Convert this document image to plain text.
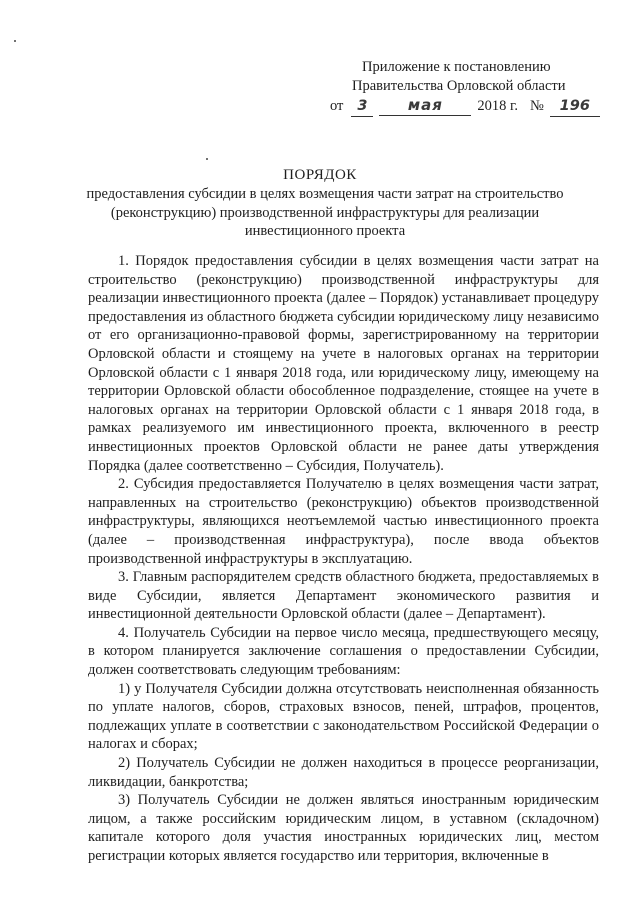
Приложение к постановлению
Правительства Орловской области
от 3	мая	2018 г. №	196
ПОРЯДОК
предоставления субсидии в целях возмещения части затрат на строительство (реконструкцию) производственной инфраструктуры для реализации инвестиционного проекта

1. Порядок предоставления субсидии в целях возмещения части затрат на строительство (реконструкцию) производственной инфраструктуры для реализации инвестиционного проекта (далее – Порядок) устанавливает процедуру предоставления из областного бюджета субсидии юридическому лицу независимо от его организационно-правовой формы, зарегистрированному на территории Орловской области и стоящему на учете в налоговых органах на территории Орловской области с 1 января 2018 года, или юридическому лицу, имеющему на территории Орловской области обособленное подразделение, стоящее на учете в налоговых органах на территории Орловской области с 1 января 2018 года, в рамках реализуемого им инвестиционного проекта, включенного в реестр инвестиционных проектов Орловской области не ранее даты утверждения Порядка (далее соответственно – Субсидия, Получатель).

2. Субсидия предоставляется Получателю в целях возмещения части затрат, направленных на строительство (реконструкцию) объектов производственной инфраструктуры, являющихся неотъемлемой частью инвестиционного проекта (далее – производственная инфраструктура), после ввода объектов производственной инфраструктуры в эксплуатацию.

3. Главным распорядителем средств областного бюджета, предоставляемых в виде Субсидии, является Департамент экономического развития и инвестиционной деятельности Орловской области (далее – Департамент).

4. Получатель Субсидии на первое число месяца, предшествующего месяцу, в котором планируется заключение соглашения о предоставлении Субсидии, должен соответствовать следующим требованиям:

1) у Получателя Субсидии должна отсутствовать неисполненная обязанность по уплате налогов, сборов, страховых взносов, пеней, штрафов, процентов, подлежащих уплате в соответствии с законодательством Российской Федерации о налогах и сборах;

2) Получатель Субсидии не должен находиться в процессе реорганизации, ликвидации, банкротства;

3) Получатель Субсидии не должен являться иностранным юридическим лицом, а также российским юридическим лицом, в уставном (складочном) капитале которого доля участия иностранных юридических лиц, местом регистрации которых является государство или территория, включенные в
